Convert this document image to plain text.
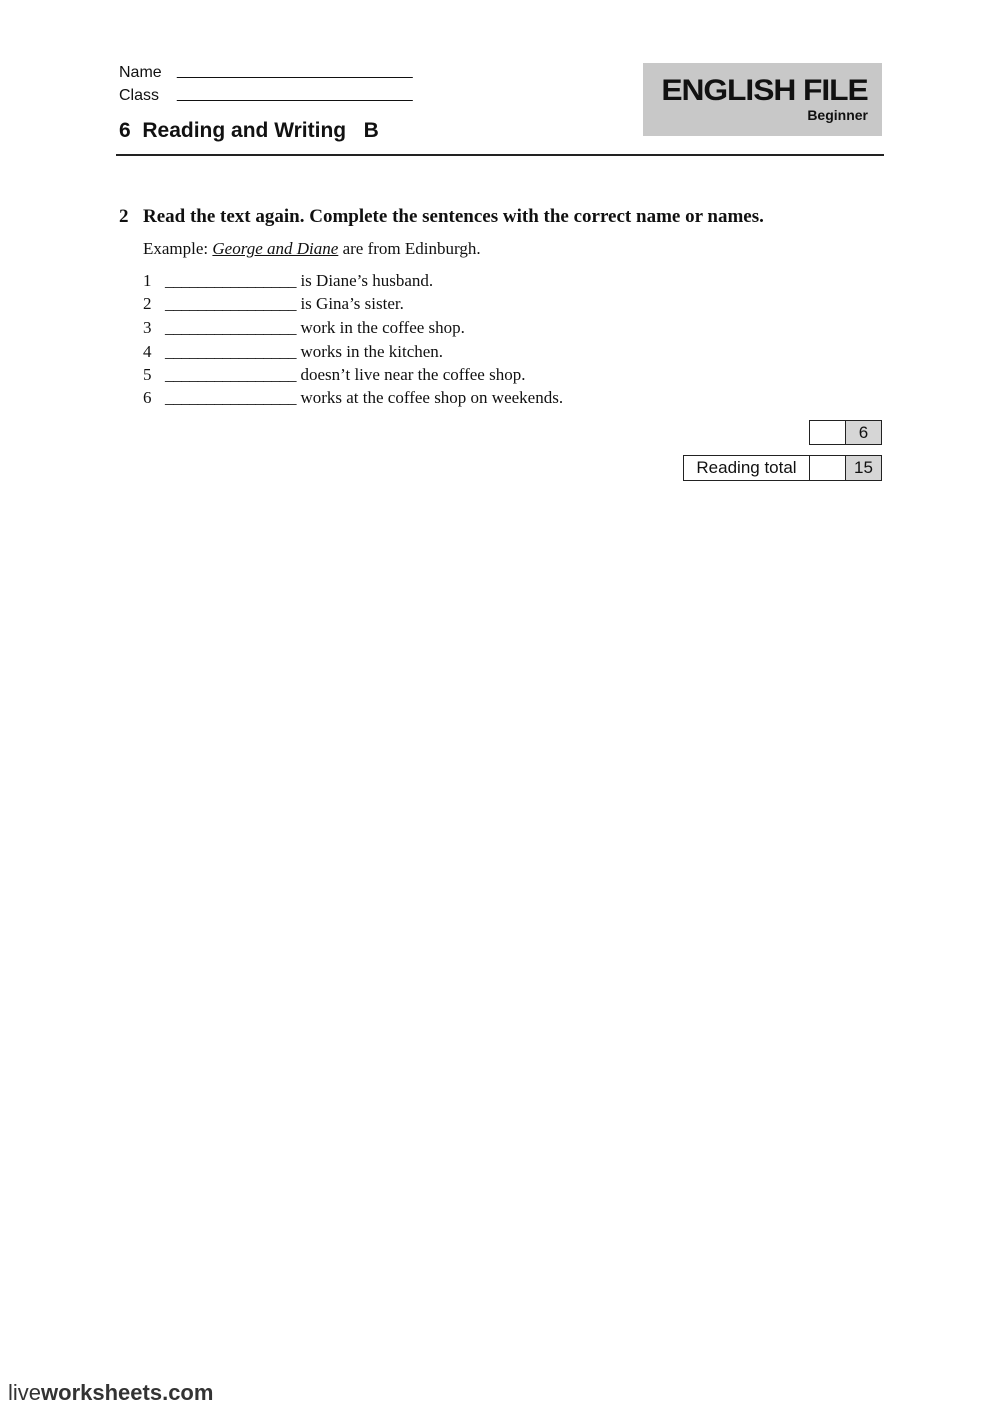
Name ____________________________
Class ____________________________
6  Reading and Writing   B
ENGLISH FILE
Beginner
2 Read the text again. Complete the sentences with the correct name or names.
Example: George and Diane are from Edinburgh.
1 ________________ is Diane’s husband.
2 ________________ is Gina’s sister.
3 ________________ work in the coffee shop.
4 ________________ works in the kitchen.
5 ________________ doesn’t live near the coffee shop.
6 ________________ works at the coffee shop on weekends.
6
Reading total	15
liveworksheets.com
